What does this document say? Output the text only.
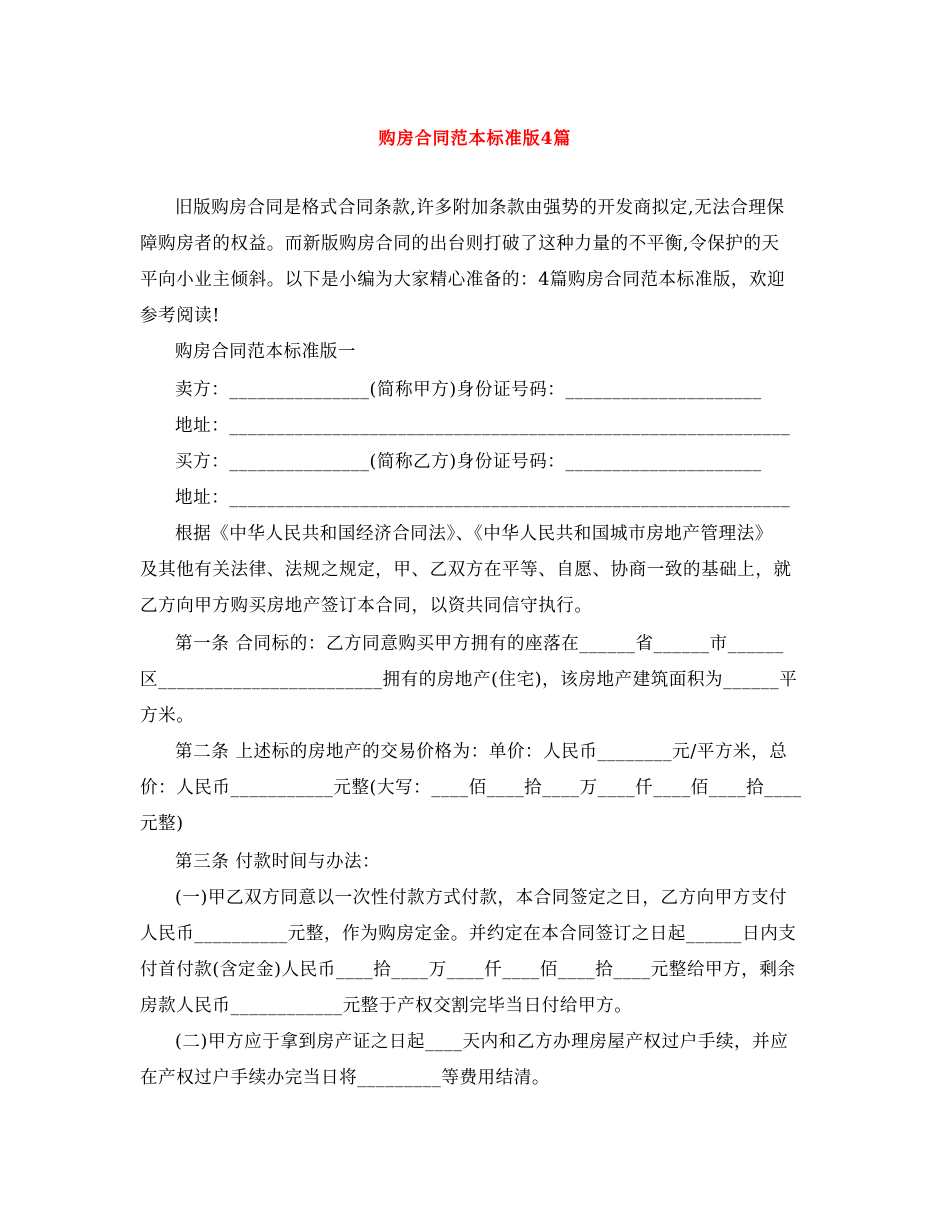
购房合同范本标准版4篇
旧版购房合同是格式合同条款,许多附加条款由强势的开发商拟定,无法合理保
障购房者的权益。而新版购房合同的出台则打破了这种力量的不平衡,令保护的天
平向小业主倾斜。以下是小编为大家精心准备的：4篇购房合同范本标准版，欢迎
参考阅读!
购房合同范本标准版一
卖方：_______________(简称甲方)身份证号码：_____________________
地址：____________________________________________________________
买方：_______________(简称乙方)身份证号码：_____________________
地址：____________________________________________________________
根据《中华人民共和国经济合同法》、《中华人民共和国城市房地产管理法》
及其他有关法律、法规之规定，甲、乙双方在平等、自愿、协商一致的基础上，就
乙方向甲方购买房地产签订本合同，以资共同信守执行。
第一条 合同标的：乙方同意购买甲方拥有的座落在______省______市______
区________________________拥有的房地产(住宅)，该房地产建筑面积为______平
方米。
第二条 上述标的房地产的交易价格为：单价：人民币________元/平方米，总
价：人民币___________元整(大写：____佰____拾____万____仟____佰____拾____
元整)
第三条 付款时间与办法：
(一)甲乙双方同意以一次性付款方式付款，本合同签定之日，乙方向甲方支付
人民币__________元整，作为购房定金。并约定在本合同签订之日起______日内支
付首付款(含定金)人民币____拾____万____仟____佰____拾____元整给甲方，剩余
房款人民币____________元整于产权交割完毕当日付给甲方。
(二)甲方应于拿到房产证之日起____天内和乙方办理房屋产权过户手续，并应
在产权过户手续办完当日将_________等费用结清。
